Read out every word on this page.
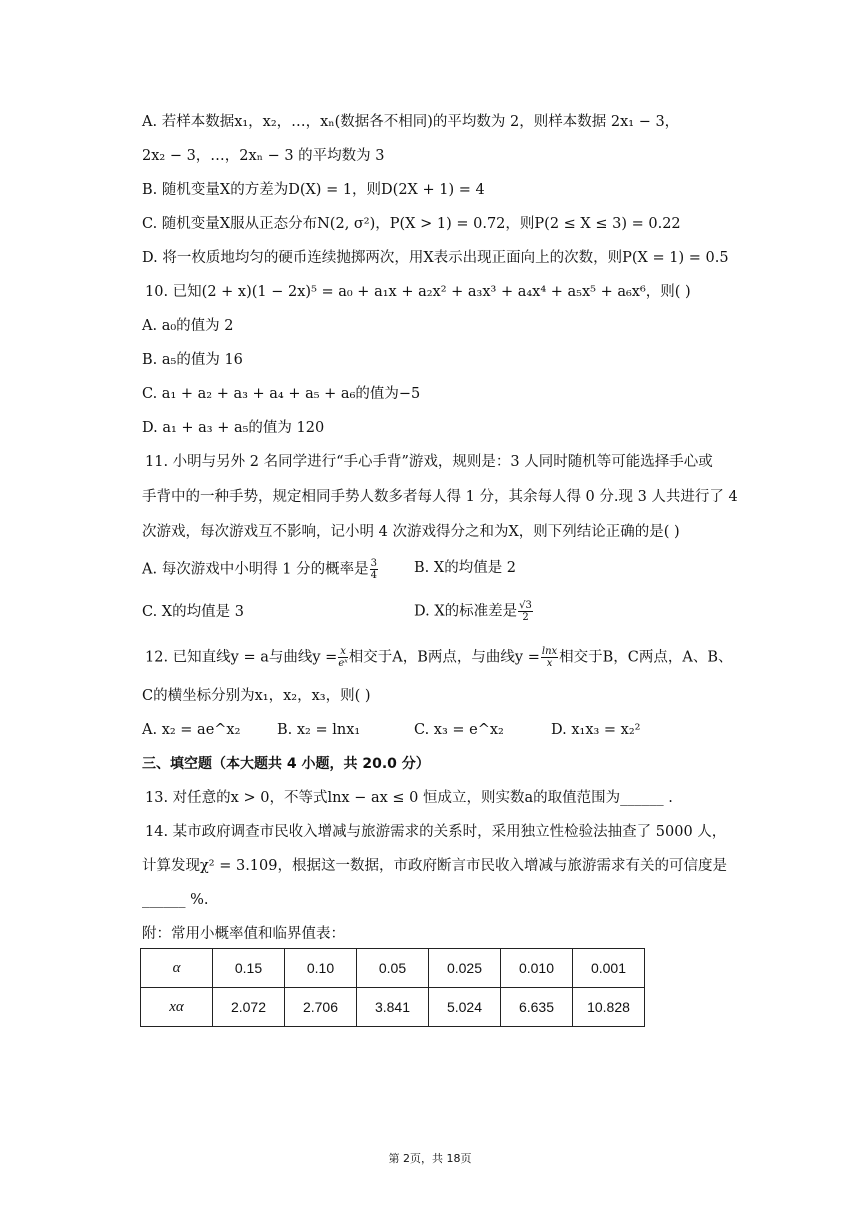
A. 若样本数据x₁，x₂，…，xₙ(数据各不相同)的平均数为 2，则样本数据 2x₁ − 3，
2x₂ − 3，…，2xₙ − 3 的平均数为 3
B. 随机变量X的方差为D(X) = 1，则D(2X + 1) = 4
C. 随机变量X服从正态分布N(2, σ²)，P(X > 1) = 0.72，则P(2 ≤ X ≤ 3) = 0.22
D. 将一枚质地均匀的硬币连续抛掷两次，用X表示出现正面向上的次数，则P(X = 1) = 0.5
10. 已知(2 + x)(1 − 2x)⁵ = a₀ + a₁x + a₂x² + a₃x³ + a₄x⁴ + a₅x⁵ + a₆x⁶，则( )
A. a₀的值为 2
B. a₅的值为 16
C. a₁ + a₂ + a₃ + a₄ + a₅ + a₆的值为−5
D. a₁ + a₃ + a₅的值为 120
11. 小明与另外 2 名同学进行“手心手背”游戏，规则是：3 人同时随机等可能选择手心或
手背中的一种手势，规定相同手势人数多者每人得 1 分，其余每人得 0 分.现 3 人共进行了 4
次游戏，每次游戏互不影响，记小明 4 次游戏得分之和为X，则下列结论正确的是( )
A. 每次游戏中小明得 1 分的概率是 $\frac{3}{4} B$. X的均值是 2
C. X的均值是 3	D. X的标准差是 $\frac{√3}{2}$
12. 已知直线y = a与曲线$y = \frac{x}{\text{eˣ}}$ 相交于A，B两点，与曲线$y = \frac{\ln x}{x}$ 相交于B，C两点，A、B、
C的横坐标分别为x₁，x₂，x₃，则( )
A. x₂ = ae^x₂	B. x₂ = lnx₁	C. x₃ = e^x₂	D. x₁x₃ = x₂²
三、填空题（本大题共 4 小题，共 20.0 分）
13. 对任意的x > 0，不等式lnx − ax ≤ 0 恒成立，则实数a的取值范围为______ .
14. 某市政府调查市民收入增减与旅游需求的关系时，采用独立性检验法抽查了 5000 人，
计算发现χ² = 3.109，根据这一数据，市政府断言市民收入增减与旅游需求有关的可信度是
______ %.
附：常用小概率值和临界值表：
α	0.15	0.10	0.05	0.025	0.010	0.001
xα	2.072	2.706	3.841	5.024	6.635	10.828
第 2页，共 18页
